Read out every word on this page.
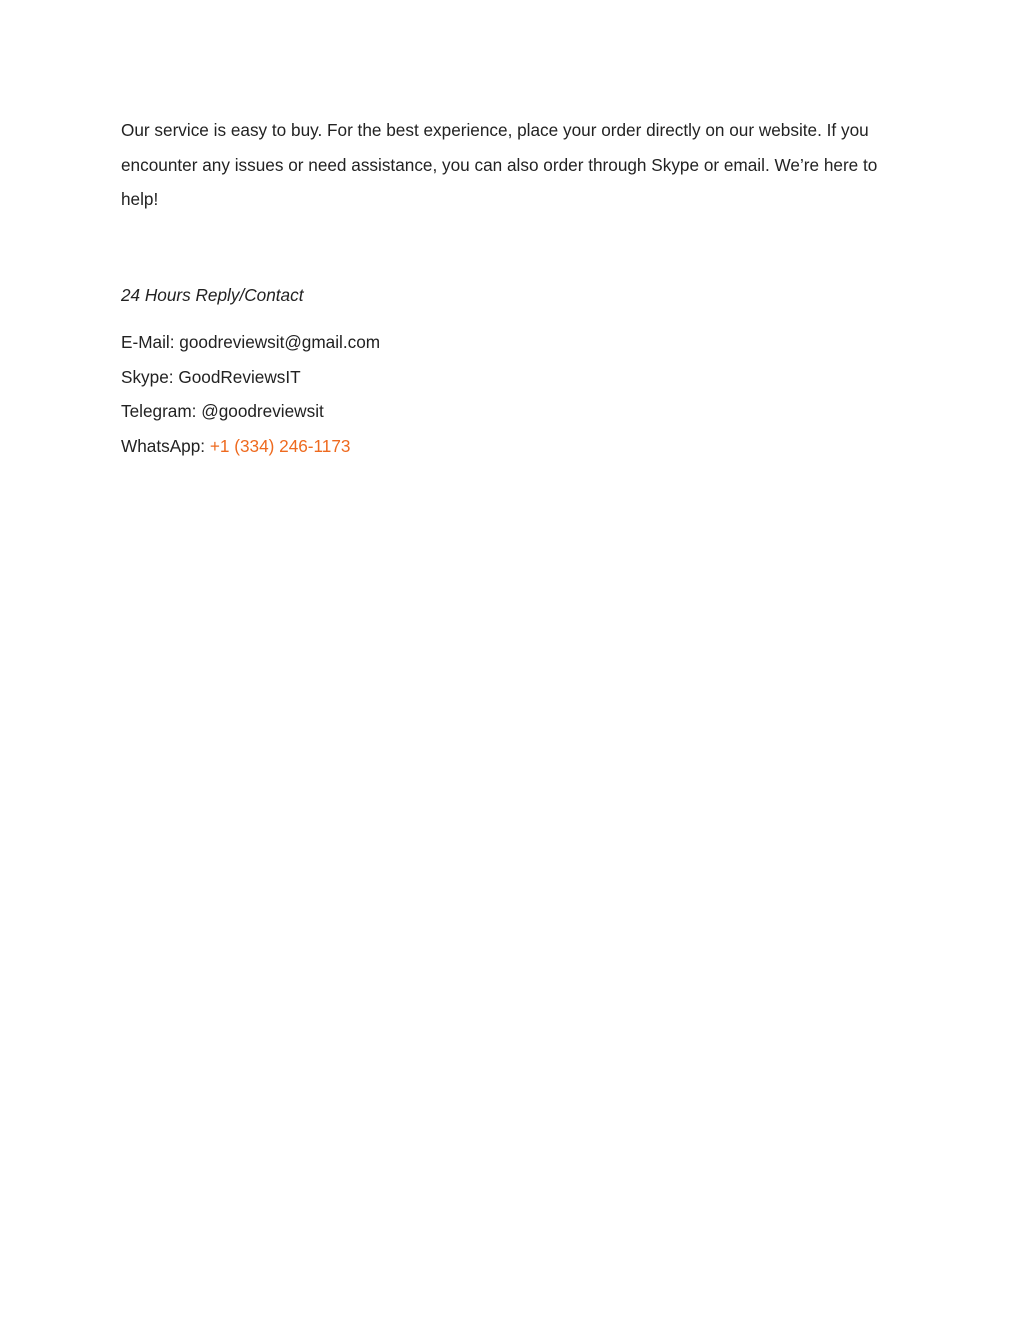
Our service is easy to buy. For the best experience, place your order directly on our website. If you encounter any issues or need assistance, you can also order through Skype or email. We’re here to help!

24 Hours Reply/Contact
E-Mail: goodreviewsit@gmail.com
Skype: GoodReviewsIT
Telegram: @goodreviewsit
WhatsApp: +1 (334) 246-1173
